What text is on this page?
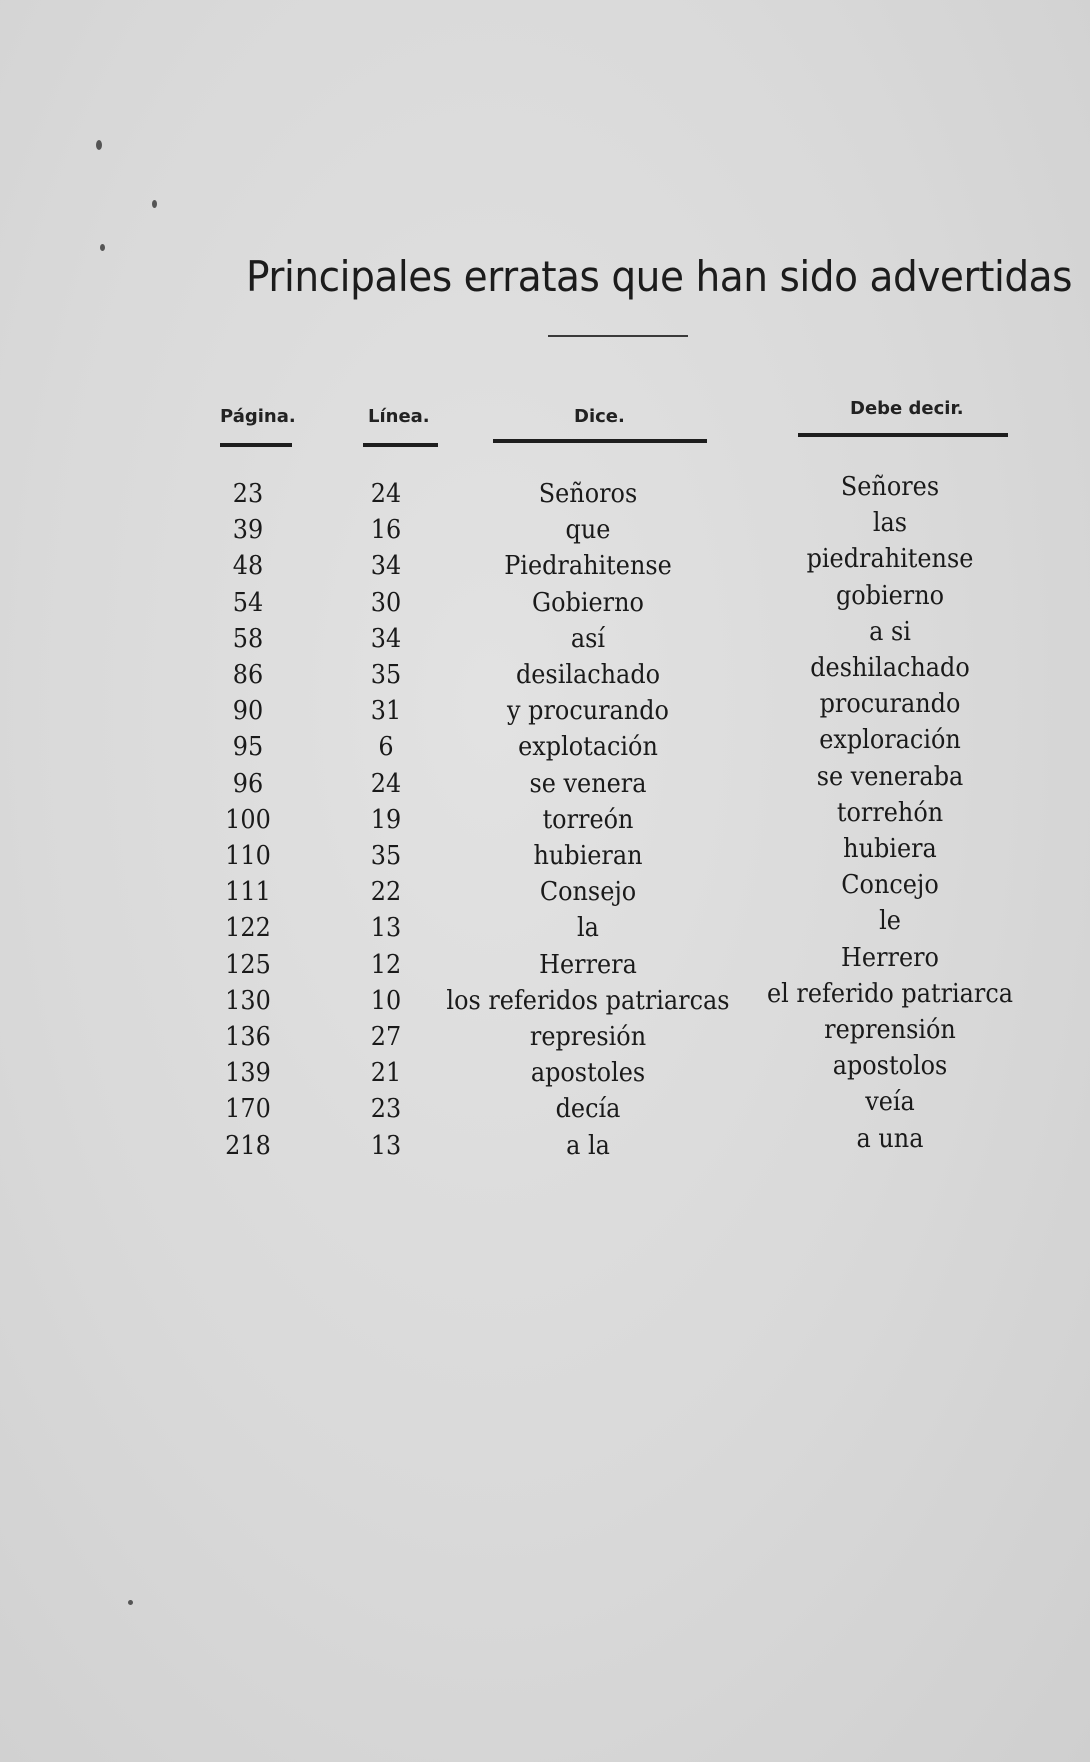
Principales erratas que han sido advertidas
Página.	Línea.	Dice.	Debe decir.
23	24	Señoros	Señores
39	16	que	las
48	34	Piedrahitense	piedrahitense
54	30	Gobierno	gobierno
58	34	así	a si
86	35	desilachado	deshilachado
90	31	y procurando	procurando
95	6	explotación	exploración
96	24	se venera	se veneraba
100	19	torreón	torrehón
110	35	hubieran	hubiera
111	22	Consejo	Concejo
122	13	la	le
125	12	Herrera	Herrero
130	10	los referidos patriarcas	el referido patriarca
136	27	represión	reprensión
139	21	apostoles	apostolos
170	23	decía	veía
218	13	a la	a una
